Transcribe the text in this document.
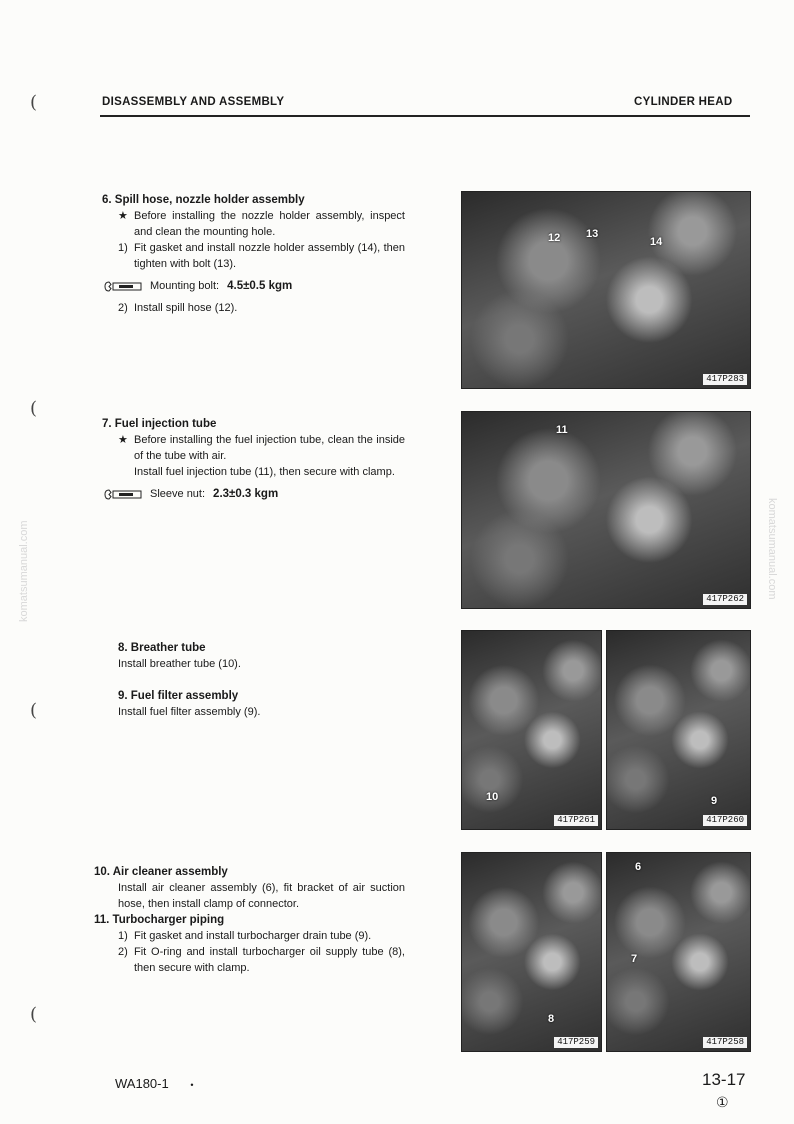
DISASSEMBLY AND ASSEMBLY	CYLINDER HEAD
(
(
(
(
komatsumanual.com	komatsumanual.com
6. Spill hose, nozzle holder assembly
★ Before installing the nozzle holder assembly, inspect and clean the mounting hole.
1) Fit gasket and install nozzle holder assembly (14), then tighten with bolt (13).
Mounting bolt: 4.5±0.5 kgm
2) Install spill hose (12).
7. Fuel injection tube
★ Before installing the fuel injection tube, clean the inside of the tube with air.
Install fuel injection tube (11), then secure with clamp.
Sleeve nut: 2.3±0.3 kgm
8. Breather tube
Install breather tube (10).
9. Fuel filter assembly
Install fuel filter assembly (9).
10. Air cleaner assembly
Install air cleaner assembly (6), fit bracket of air suction hose, then install clamp of connector.
11. Turbocharger piping
1) Fit gasket and install turbocharger drain tube (9).
2) Fit O-ring and install turbocharger oil supply tube (8), then secure with clamp.
12 13
14
417P283
11
417P262
10
417P261
9
417P260
8
417P259
6
7
417P258
WA180-1 •	13-17
①
